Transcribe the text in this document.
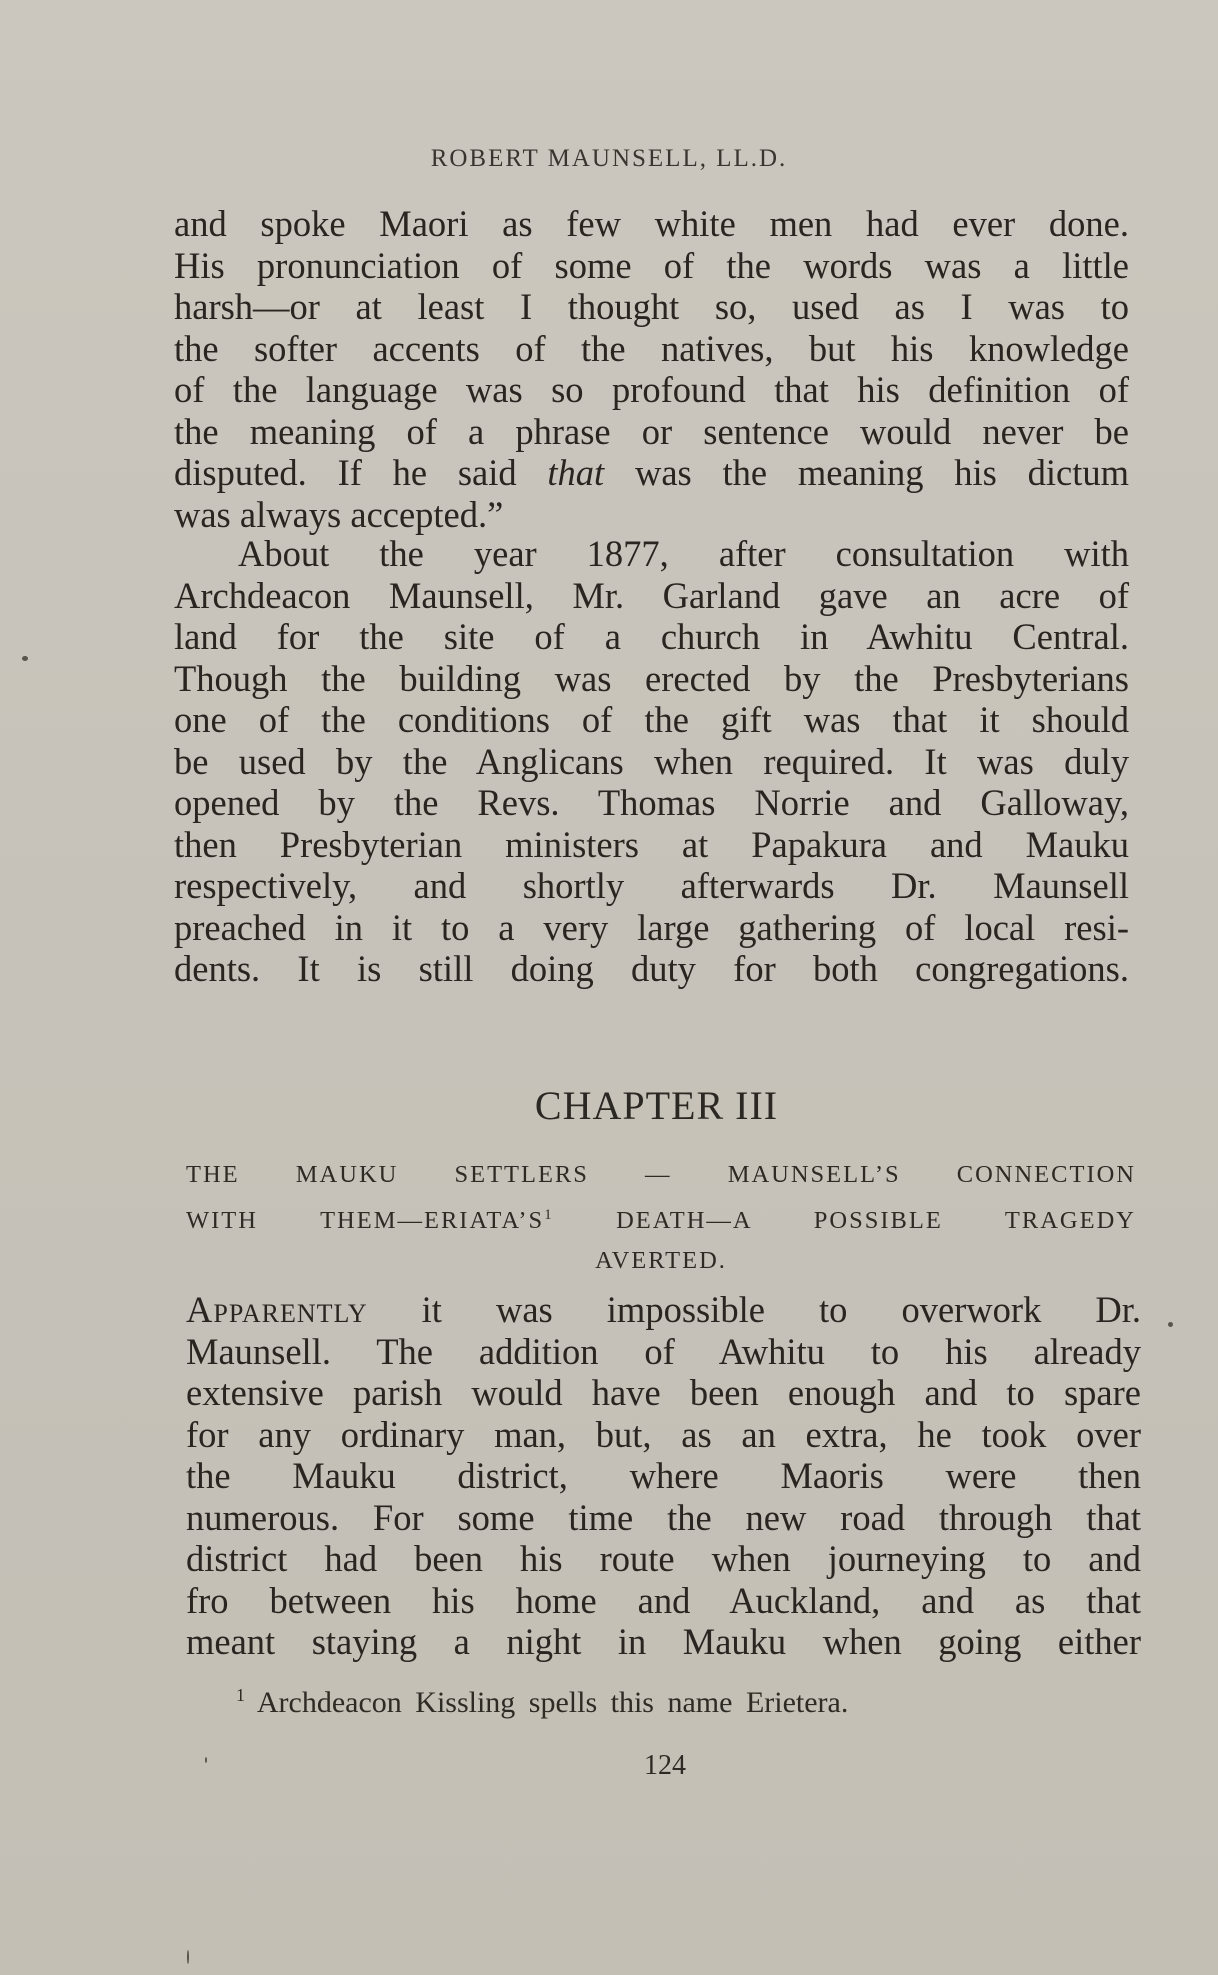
ROBERT MAUNSELL, LL.D.
and spoke Maori as few white men had ever done.
His pronunciation of some of the words was a little
harsh—or at least I thought so, used as I was to
the softer accents of the natives, but his knowledge
of the language was so profound that his definition of
the meaning of a phrase or sentence would never be
disputed. If he said that was the meaning his dictum
was always accepted.”
About the year 1877, after consultation with
Archdeacon Maunsell, Mr. Garland gave an acre of
land for the site of a church in Awhitu Central.
Though the building was erected by the Presbyterians
one of the conditions of the gift was that it should
be used by the Anglicans when required. It was duly
opened by the Revs. Thomas Norrie and Galloway,
then Presbyterian ministers at Papakura and Mauku
respectively, and shortly afterwards Dr. Maunsell
preached in it to a very large gathering of local resi-
dents. It is still doing duty for both congregations.
CHAPTER III
THE MAUKU SETTLERS — MAUNSELL’S CONNECTION
WITH $THEM—ERIATA’S^1$ DEATH—A POSSIBLE TRAGEDY
AVERTED.
Apparently it was impossible to overwork Dr.
Maunsell. The addition of Awhitu to his already
extensive parish would have been enough and to spare
for any ordinary man, but, as an extra, he took over
the Mauku district, where Maoris were then
numerous. For some time the new road through that
district had been his route when journeying to and
fro between his home and Auckland, and as that
meant staying a night in Mauku when going either
$^1$ Archdeacon Kissling spells this name Erietera.
124
